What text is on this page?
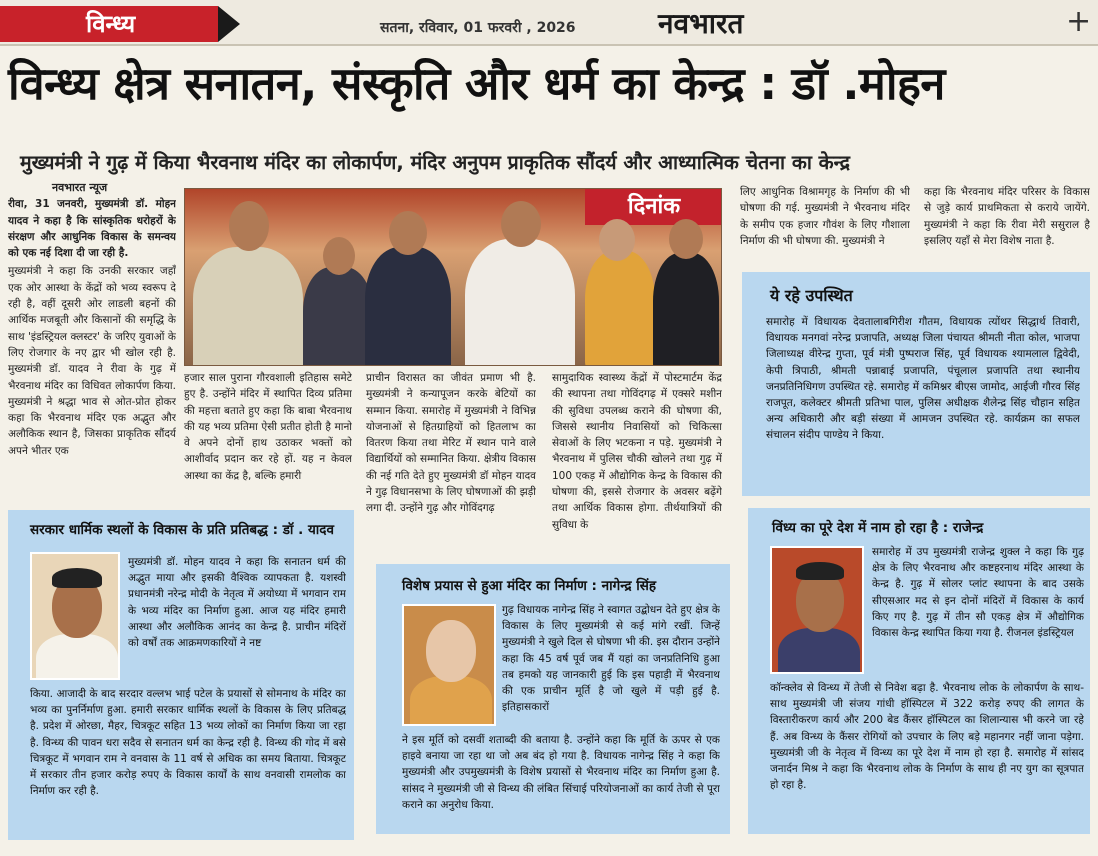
विन्ध्य	सतना, रविवार, 01 फरवरी , 2026	नवभारत	+
विन्ध्य क्षेत्र सनातन, संस्कृति और धर्म का केन्द्र : डॉ .मोहन
मुख्यमंत्री ने गुढ़ में किया भैरवनाथ मंदिर का लोकार्पण, मंदिर अनुपम प्राकृतिक सौंदर्य और आध्यात्मिक चेतना का केन्द्र
नवभारत न्यूज
रीवा, 31 जनवरी, मुख्यमंत्री डॉ. मोहन यादव ने कहा है कि सांस्कृतिक धरोहरों के संरक्षण और आधुनिक विकास के समन्वय को एक नई दिशा दी जा रही है.
मुख्यमंत्री ने कहा कि उनकी सरकार जहाँ एक ओर आस्था के केंद्रों को भव्य स्वरूप दे रही है, वहीं दूसरी ओर लाडली बहनों की आर्थिक मजबूती और किसानों की समृद्धि के साथ 'इंडस्ट्रियल क्लस्टर' के जरिए युवाओं के लिए रोजगार के नए द्वार भी खोल रही है. मुख्यमंत्री डॉ. यादव ने रीवा के गुढ़ में भैरवनाथ मंदिर का विधिवत लोकार्पण किया. मुख्यमंत्री ने श्रद्धा भाव से ओत-प्रोत होकर कहा कि भैरवनाथ मंदिर एक अद्भुत और अलौकिक स्थान है, जिसका प्राकृतिक सौंदर्य अपने भीतर एक
दिनांक
हजार साल पुराना गौरवशाली इतिहास समेटे हुए है. उन्होंने मंदिर में स्थापित दिव्य प्रतिमा की महत्ता बताते हुए कहा कि बाबा भैरवनाथ की यह भव्य प्रतिमा ऐसी प्रतीत होती है मानो वे अपने दोनों हाथ उठाकर भक्तों को आशीर्वाद प्रदान कर रहे हों. यह न केवल आस्था का केंद्र है, बल्कि हमारी
प्राचीन विरासत का जीवंत प्रमाण भी है. मुख्यमंत्री ने कन्यापूजन करके बेटियों का सम्मान किया. समारोह में मुख्यमंत्री ने विभिन्न योजनाओं से हितग्राहियों को हितलाभ का वितरण किया तथा मेरिट में स्थान पाने वाले विद्यार्थियों को सम्मानित किया. क्षेत्रीय विकास की नई गति देते हुए मुख्यमंत्री डॉ मोहन यादव ने गुढ़ विधानसभा के लिए घोषणाओं की झड़ी लगा दी. उन्होंने गुढ़ और गोविंदगढ़
सामुदायिक स्वास्थ्य केंद्रों में पोस्टमार्टम केंद्र की स्थापना तथा गोविंदगढ़ में एक्सरे मशीन की सुविधा उपलब्ध कराने की घोषणा की, जिससे स्थानीय निवासियों को चिकित्सा सेवाओं के लिए भटकना न पड़े. मुख्यमंत्री ने भैरवनाथ में पुलिस चौकी खोलने तथा गुढ़ में 100 एकड़ में औद्योगिक केन्द्र के विकास की घोषणा की, इससे रोजगार के अवसर बढ़ेंगे तथा आर्थिक विकास होगा. तीर्थयात्रियों की सुविधा के
लिए आधुनिक विश्रामगृह के निर्माण की भी घोषणा की गई. मुख्यमंत्री ने भैरवनाथ मंदिर के समीप एक हजार गौवंश के लिए गौशाला निर्माण की भी घोषणा की. मुख्यमंत्री ने
कहा कि भैरवनाथ मंदिर परिसर के विकास से जुड़े कार्य प्राथमिकता से कराये जायेंगे. मुख्यमंत्री ने कहा कि रीवा मेरी ससुराल है इसलिए यहाँ से मेरा विशेष नाता है.
ये रहे उपस्थित
समारोह में विधायक देवतालाबगिरीश गौतम, विधायक त्योंथर सिद्धार्थ तिवारी, विधायक मनगवां नरेन्द्र प्रजापति, अध्यक्ष जिला पंचायत श्रीमती नीता कोल, भाजपा जिलाध्यक्ष वीरेन्द्र गुप्ता, पूर्व मंत्री पुष्पराज सिंह, पूर्व विधायक श्यामलाल द्विवेदी, केपी त्रिपाठी, श्रीमती पन्नाबाई प्रजापति, पंचूलाल प्रजापति तथा स्थानीय जनप्रतिनिधिगण उपस्थित रहे. समारोह में कमिश्नर बीएस जामोद, आईजी गौरव सिंह राजपूत, कलेक्टर श्रीमती प्रतिभा पाल, पुलिस अधीक्षक शैलेन्द्र सिंह चौहान सहित अन्य अधिकारी और बड़ी संख्या में आमजन उपस्थित रहे. कार्यक्रम का सफल संचालन संदीप पाण्डेय ने किया.
सरकार धार्मिक स्थलों के विकास के प्रति प्रतिबद्ध : डॉ . यादव
मुख्यमंत्री डॉ. मोहन यादव ने कहा कि सनातन धर्म की अद्भुत माया और इसकी वैश्विक व्यापकता है. यशस्वी प्रधानमंत्री नरेन्द्र मोदी के नेतृत्व में अयोध्या में भगवान राम के भव्य मंदिर का निर्माण हुआ. आज यह मंदिर हमारी आस्था और अलौकिक आनंद का केन्द्र है. प्राचीन मंदिरों को वर्षों तक आक्रमणकारियों ने नष्ट
किया. आजादी के बाद सरदार वल्लभ भाई पटेल के प्रयासों से सोमनाथ के मंदिर का भव्य का पुनर्निर्माण हुआ. हमारी सरकार धार्मिक स्थलों के विकास के लिए प्रतिबद्ध है. प्रदेश में ओरछा, मैहर, चित्रकूट सहित 13 भव्य लोकों का निर्माण किया जा रहा है. विन्ध्य की पावन धरा सदैव से सनातन धर्म का केन्द्र रही है. विन्ध्य की गोद में बसे चित्रकूट में भगवान राम ने वनवास के 11 वर्ष से अधिक का समय बिताया. चित्रकूट में सरकार तीन हजार करोड़ रुपए के विकास कार्यों के साथ वनवासी रामलोक का निर्माण कर रही है.
विशेष प्रयास से हुआ मंदिर का निर्माण : नागेन्द्र सिंह
गुढ़ विधायक नागेन्द्र सिंह ने स्वागत उद्बोधन देते हुए क्षेत्र के विकास के लिए मुख्यमंत्री से कई मांगे रखीं. जिन्हें मुख्यमंत्री ने खुले दिल से घोषणा भी की. इस दौरान उन्होंने कहा कि 45 वर्ष पूर्व जब मैं यहां का जनप्रतिनिधि हुआ तब हमको यह जानकारी हुई कि इस पहाड़ी में भैरवनाथ की एक प्राचीन मूर्ति है जो खुले में पड़ी हुई है. इतिहासकारों
ने इस मूर्ति को दसवीं शताब्दी की बताया है. उन्होंने कहा कि मूर्ति के ऊपर से एक हाइवे बनाया जा रहा था जो अब बंद हो गया है. विधायक नागेन्द्र सिंह ने कहा कि मुख्यमंत्री और उपमुख्यमंत्री के विशेष प्रयासों से भैरवनाथ मंदिर का निर्माण हुआ है. सांसद ने मुख्यमंत्री जी से विन्ध्य की लंबित सिंचाई परियोजनाओं का कार्य तेजी से पूरा कराने का अनुरोध किया.
विंध्य का पूरे देश में नाम हो रहा है : राजेन्द्र
समारोह में उप मुख्यमंत्री राजेन्द्र शुक्ल ने कहा कि गुढ़ क्षेत्र के लिए भैरवनाथ और कष्टहरनाथ मंदिर आस्था के केन्द्र है. गुढ़ में सोलर प्लांट स्थापना के बाद उसके सीएसआर मद से इन दोनों मंदिरों में विकास के कार्य किए गए है. गुढ़ में तीन सौ एकड़ क्षेत्र में औद्योगिक विकास केन्द्र स्थापित किया गया है. रीजनल इंडस्ट्रियल
कॉन्क्लेव से विन्ध्य में तेजी से निवेश बढ़ा है. भैरवनाथ लोक के लोकार्पण के साथ-साथ मुख्यमंत्री जी संजय गांधी हॉस्पिटल में 322 करोड़ रुपए की लागत के विस्तारीकरण कार्य और 200 बेड कैंसर हॉस्पिटल का शिलान्यास भी करने जा रहे हैं. अब विन्ध्य के कैंसर रोगियों को उपचार के लिए बड़े महानगर नहीं जाना पड़ेगा. मुख्यमंत्री जी के नेतृत्व में विन्ध्य का पूरे देश में नाम हो रहा है. समारोह में सांसद जनार्दन मिश्र ने कहा कि भैरवनाथ लोक के निर्माण के साथ ही नए युग का सूत्रपात हो रहा है.
